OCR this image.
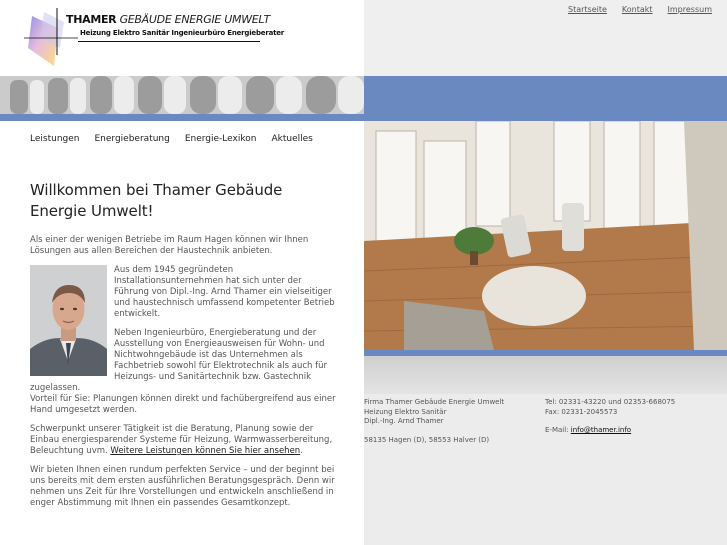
THAMER GEBÄUDE ENERGIE UMWELT
Heizung Elektro Sanitär Ingenieurbüro Energieberater
Startseite Kontakt Impressum
Leistungen Energieberatung Energie-Lexikon Aktuelles
Willkommen bei Thamer Gebäude Energie Umwelt!

Als einer der wenigen Betriebe im Raum Hagen können wir Ihnen Lösungen aus allen Bereichen der Haustechnik anbieten.

Aus dem 1945 gegründeten Installationsunternehmen hat sich unter der Führung von Dipl.-Ing. Arnd Thamer ein vielseitiger und haustechnisch umfassend kompetenter Betrieb entwickelt.

Neben Ingenieurbüro, Energieberatung und der Ausstellung von Energieausweisen für Wohn- und Nichtwohngebäude ist das Unternehmen als Fachbetrieb sowohl für Elektrotechnik als auch für Heizungs- und Sanitärtechnik bzw. Gastechnik zugelassen.

Vorteil für Sie: Planungen können direkt und fachübergreifend aus einer Hand umgesetzt werden.

Schwerpunkt unserer Tätigkeit ist die Beratung, Planung sowie der Einbau energiesparender Systeme für Heizung, Warmwasserbereitung, Beleuchtung uvm. Weitere Leistungen können Sie hier ansehen.

Wir bieten Ihnen einen rundum perfekten Service – und der beginnt bei uns bereits mit dem ersten ausführlichen Beratungsgespräch. Denn wir nehmen uns Zeit für Ihre Vorstellungen und entwickeln anschließend in enger Abstimmung mit Ihnen ein passendes Gesamtkonzept.

Firma Thamer Gebäude Energie Umwelt
Heizung Elektro Sanitär
Dipl.-Ing. Arnd Thamer
58135 Hagen (D), 58553 Halver (D)
Tel: 02331-43220 und 02353-668075
Fax: 02331-2045573
E-Mail: info@thamer.info
